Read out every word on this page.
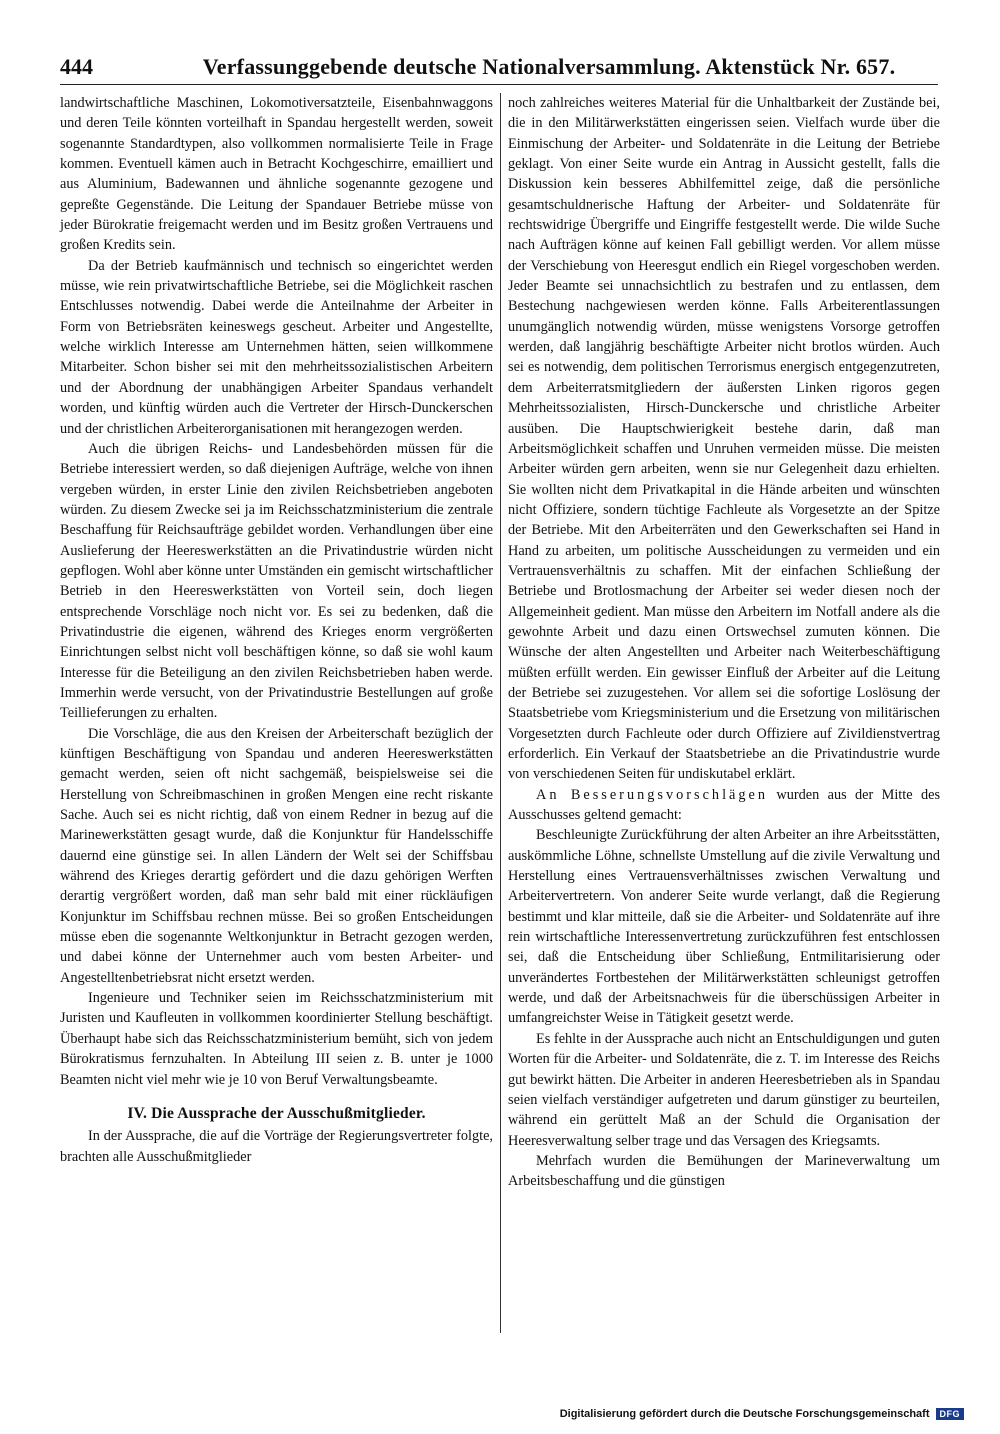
444	Verfassunggebende deutsche Nationalversammlung. Aktenstück Nr. 657.

landwirtschaftliche Maschinen, Lokomotiversatzteile, Eisenbahnwaggons und deren Teile könnten vorteilhaft in Spandau hergestellt werden, soweit sogenannte Standardtypen, also vollkommen normalisierte Teile in Frage kommen. Eventuell kämen auch in Betracht Kochgeschirre, emailliert und aus Aluminium, Badewannen und ähnliche sogenannte gezogene und gepreßte Gegenstände. Die Leitung der Spandauer Betriebe müsse von jeder Bürokratie freigemacht werden und im Besitz großen Vertrauens und großen Kredits sein.

Da der Betrieb kaufmännisch und technisch so eingerichtet werden müsse, wie rein privatwirtschaftliche Betriebe, sei die Möglichkeit raschen Entschlusses notwendig. Dabei werde die Anteilnahme der Arbeiter in Form von Betriebsräten keineswegs gescheut. Arbeiter und Angestellte, welche wirklich Interesse am Unternehmen hätten, seien willkommene Mitarbeiter. Schon bisher sei mit den mehrheitssozialistischen Arbeitern und der Abordnung der unabhängigen Arbeiter Spandaus verhandelt worden, und künftig würden auch die Vertreter der Hirsch-Dunckerschen und der christlichen Arbeiterorganisationen mit herangezogen werden.

Auch die übrigen Reichs- und Landesbehörden müssen für die Betriebe interessiert werden, so daß diejenigen Aufträge, welche von ihnen vergeben würden, in erster Linie den zivilen Reichsbetrieben angeboten würden. Zu diesem Zwecke sei ja im Reichsschatzministerium die zentrale Beschaffung für Reichsaufträge gebildet worden. Verhandlungen über eine Auslieferung der Heereswerkstätten an die Privatindustrie würden nicht gepflogen. Wohl aber könne unter Umständen ein gemischt wirtschaftlicher Betrieb in den Heereswerkstätten von Vorteil sein, doch liegen entsprechende Vorschläge noch nicht vor. Es sei zu bedenken, daß die Privatindustrie die eigenen, während des Krieges enorm vergrößerten Einrichtungen selbst nicht voll beschäftigen könne, so daß sie wohl kaum Interesse für die Beteiligung an den zivilen Reichsbetrieben haben werde. Immerhin werde versucht, von der Privatindustrie Bestellungen auf große Teillieferungen zu erhalten.

Die Vorschläge, die aus den Kreisen der Arbeiterschaft bezüglich der künftigen Beschäftigung von Spandau und anderen Heereswerkstätten gemacht werden, seien oft nicht sachgemäß, beispielsweise sei die Herstellung von Schreibmaschinen in großen Mengen eine recht riskante Sache. Auch sei es nicht richtig, daß von einem Redner in bezug auf die Marinewerkstätten gesagt wurde, daß die Konjunktur für Handelsschiffe dauernd eine günstige sei. In allen Ländern der Welt sei der Schiffsbau während des Krieges derartig gefördert und die dazu gehörigen Werften derartig vergrößert worden, daß man sehr bald mit einer rückläufigen Konjunktur im Schiffsbau rechnen müsse. Bei so großen Entscheidungen müsse eben die sogenannte Weltkonjunktur in Betracht gezogen werden, und dabei könne der Unternehmer auch vom besten Arbeiter- und Angestelltenbetriebsrat nicht ersetzt werden.

Ingenieure und Techniker seien im Reichsschatzministerium mit Juristen und Kaufleuten in vollkommen koordinierter Stellung beschäftigt. Überhaupt habe sich das Reichsschatzministerium bemüht, sich von jedem Bürokratismus fernzuhalten. In Abteilung III seien z. B. unter je 1000 Beamten nicht viel mehr wie je 10 von Beruf Verwaltungsbeamte.

IV. Die Aussprache der Ausschußmitglieder.

In der Aussprache, die auf die Vorträge der Regierungsvertreter folgte, brachten alle Ausschußmitglieder

noch zahlreiches weiteres Material für die Unhaltbarkeit der Zustände bei, die in den Militärwerkstätten eingerissen seien. Vielfach wurde über die Einmischung der Arbeiter- und Soldatenräte in die Leitung der Betriebe geklagt. Von einer Seite wurde ein Antrag in Aussicht gestellt, falls die Diskussion kein besseres Abhilfemittel zeige, daß die persönliche gesamtschuldnerische Haftung der Arbeiter- und Soldatenräte für rechtswidrige Übergriffe und Eingriffe festgestellt werde. Die wilde Suche nach Aufträgen könne auf keinen Fall gebilligt werden. Vor allem müsse der Verschiebung von Heeresgut endlich ein Riegel vorgeschoben werden. Jeder Beamte sei unnachsichtlich zu bestrafen und zu entlassen, dem Bestechung nachgewiesen werden könne. Falls Arbeiterentlassungen unumgänglich notwendig würden, müsse wenigstens Vorsorge getroffen werden, daß langjährig beschäftigte Arbeiter nicht brotlos würden. Auch sei es notwendig, dem politischen Terrorismus energisch entgegenzutreten, dem Arbeiterratsmitgliedern der äußersten Linken rigoros gegen Mehrheitssozialisten, Hirsch-Dunckersche und christliche Arbeiter ausüben. Die Hauptschwierigkeit bestehe darin, daß man Arbeitsmöglichkeit schaffen und Unruhen vermeiden müsse. Die meisten Arbeiter würden gern arbeiten, wenn sie nur Gelegenheit dazu erhielten. Sie wollten nicht dem Privatkapital in die Hände arbeiten und wünschten nicht Offiziere, sondern tüchtige Fachleute als Vorgesetzte an der Spitze der Betriebe. Mit den Arbeiterräten und den Gewerkschaften sei Hand in Hand zu arbeiten, um politische Ausscheidungen zu vermeiden und ein Vertrauensverhältnis zu schaffen. Mit der einfachen Schließung der Betriebe und Brotlosmachung der Arbeiter sei weder diesen noch der Allgemeinheit gedient. Man müsse den Arbeitern im Notfall andere als die gewohnte Arbeit und dazu einen Ortswechsel zumuten können. Die Wünsche der alten Angestellten und Arbeiter nach Weiterbeschäftigung müßten erfüllt werden. Ein gewisser Einfluß der Arbeiter auf die Leitung der Betriebe sei zuzugestehen. Vor allem sei die sofortige Loslösung der Staatsbetriebe vom Kriegsministerium und die Ersetzung von militärischen Vorgesetzten durch Fachleute oder durch Offiziere auf Zivildienstvertrag erforderlich. Ein Verkauf der Staatsbetriebe an die Privatindustrie wurde von verschiedenen Seiten für undiskutabel erklärt.

An Besserungsvorschlägen wurden aus der Mitte des Ausschusses geltend gemacht:

Beschleunigte Zurückführung der alten Arbeiter an ihre Arbeitsstätten, auskömmliche Löhne, schnellste Umstellung auf die zivile Verwaltung und Herstellung eines Vertrauensverhältnisses zwischen Verwaltung und Arbeitervertretern. Von anderer Seite wurde verlangt, daß die Regierung bestimmt und klar mitteile, daß sie die Arbeiter- und Soldatenräte auf ihre rein wirtschaftliche Interessenvertretung zurückzuführen fest entschlossen sei, daß die Entscheidung über Schließung, Entmilitarisierung oder unverändertes Fortbestehen der Militärwerkstätten schleunigst getroffen werde, und daß der Arbeitsnachweis für die überschüssigen Arbeiter in umfangreichster Weise in Tätigkeit gesetzt werde.

Es fehlte in der Aussprache auch nicht an Entschuldigungen und guten Worten für die Arbeiter- und Soldatenräte, die z. T. im Interesse des Reichs gut bewirkt hätten. Die Arbeiter in anderen Heeresbetrieben als in Spandau seien vielfach verständiger aufgetreten und darum günstiger zu beurteilen, während ein gerüttelt Maß an der Schuld die Organisation der Heeresverwaltung selber trage und das Versagen des Kriegsamts.

Mehrfach wurden die Bemühungen der Marineverwaltung um Arbeitsbeschaffung und die günstigen

Digitalisierung gefördert durch die Deutsche Forschungsgemeinschaft	DFG
